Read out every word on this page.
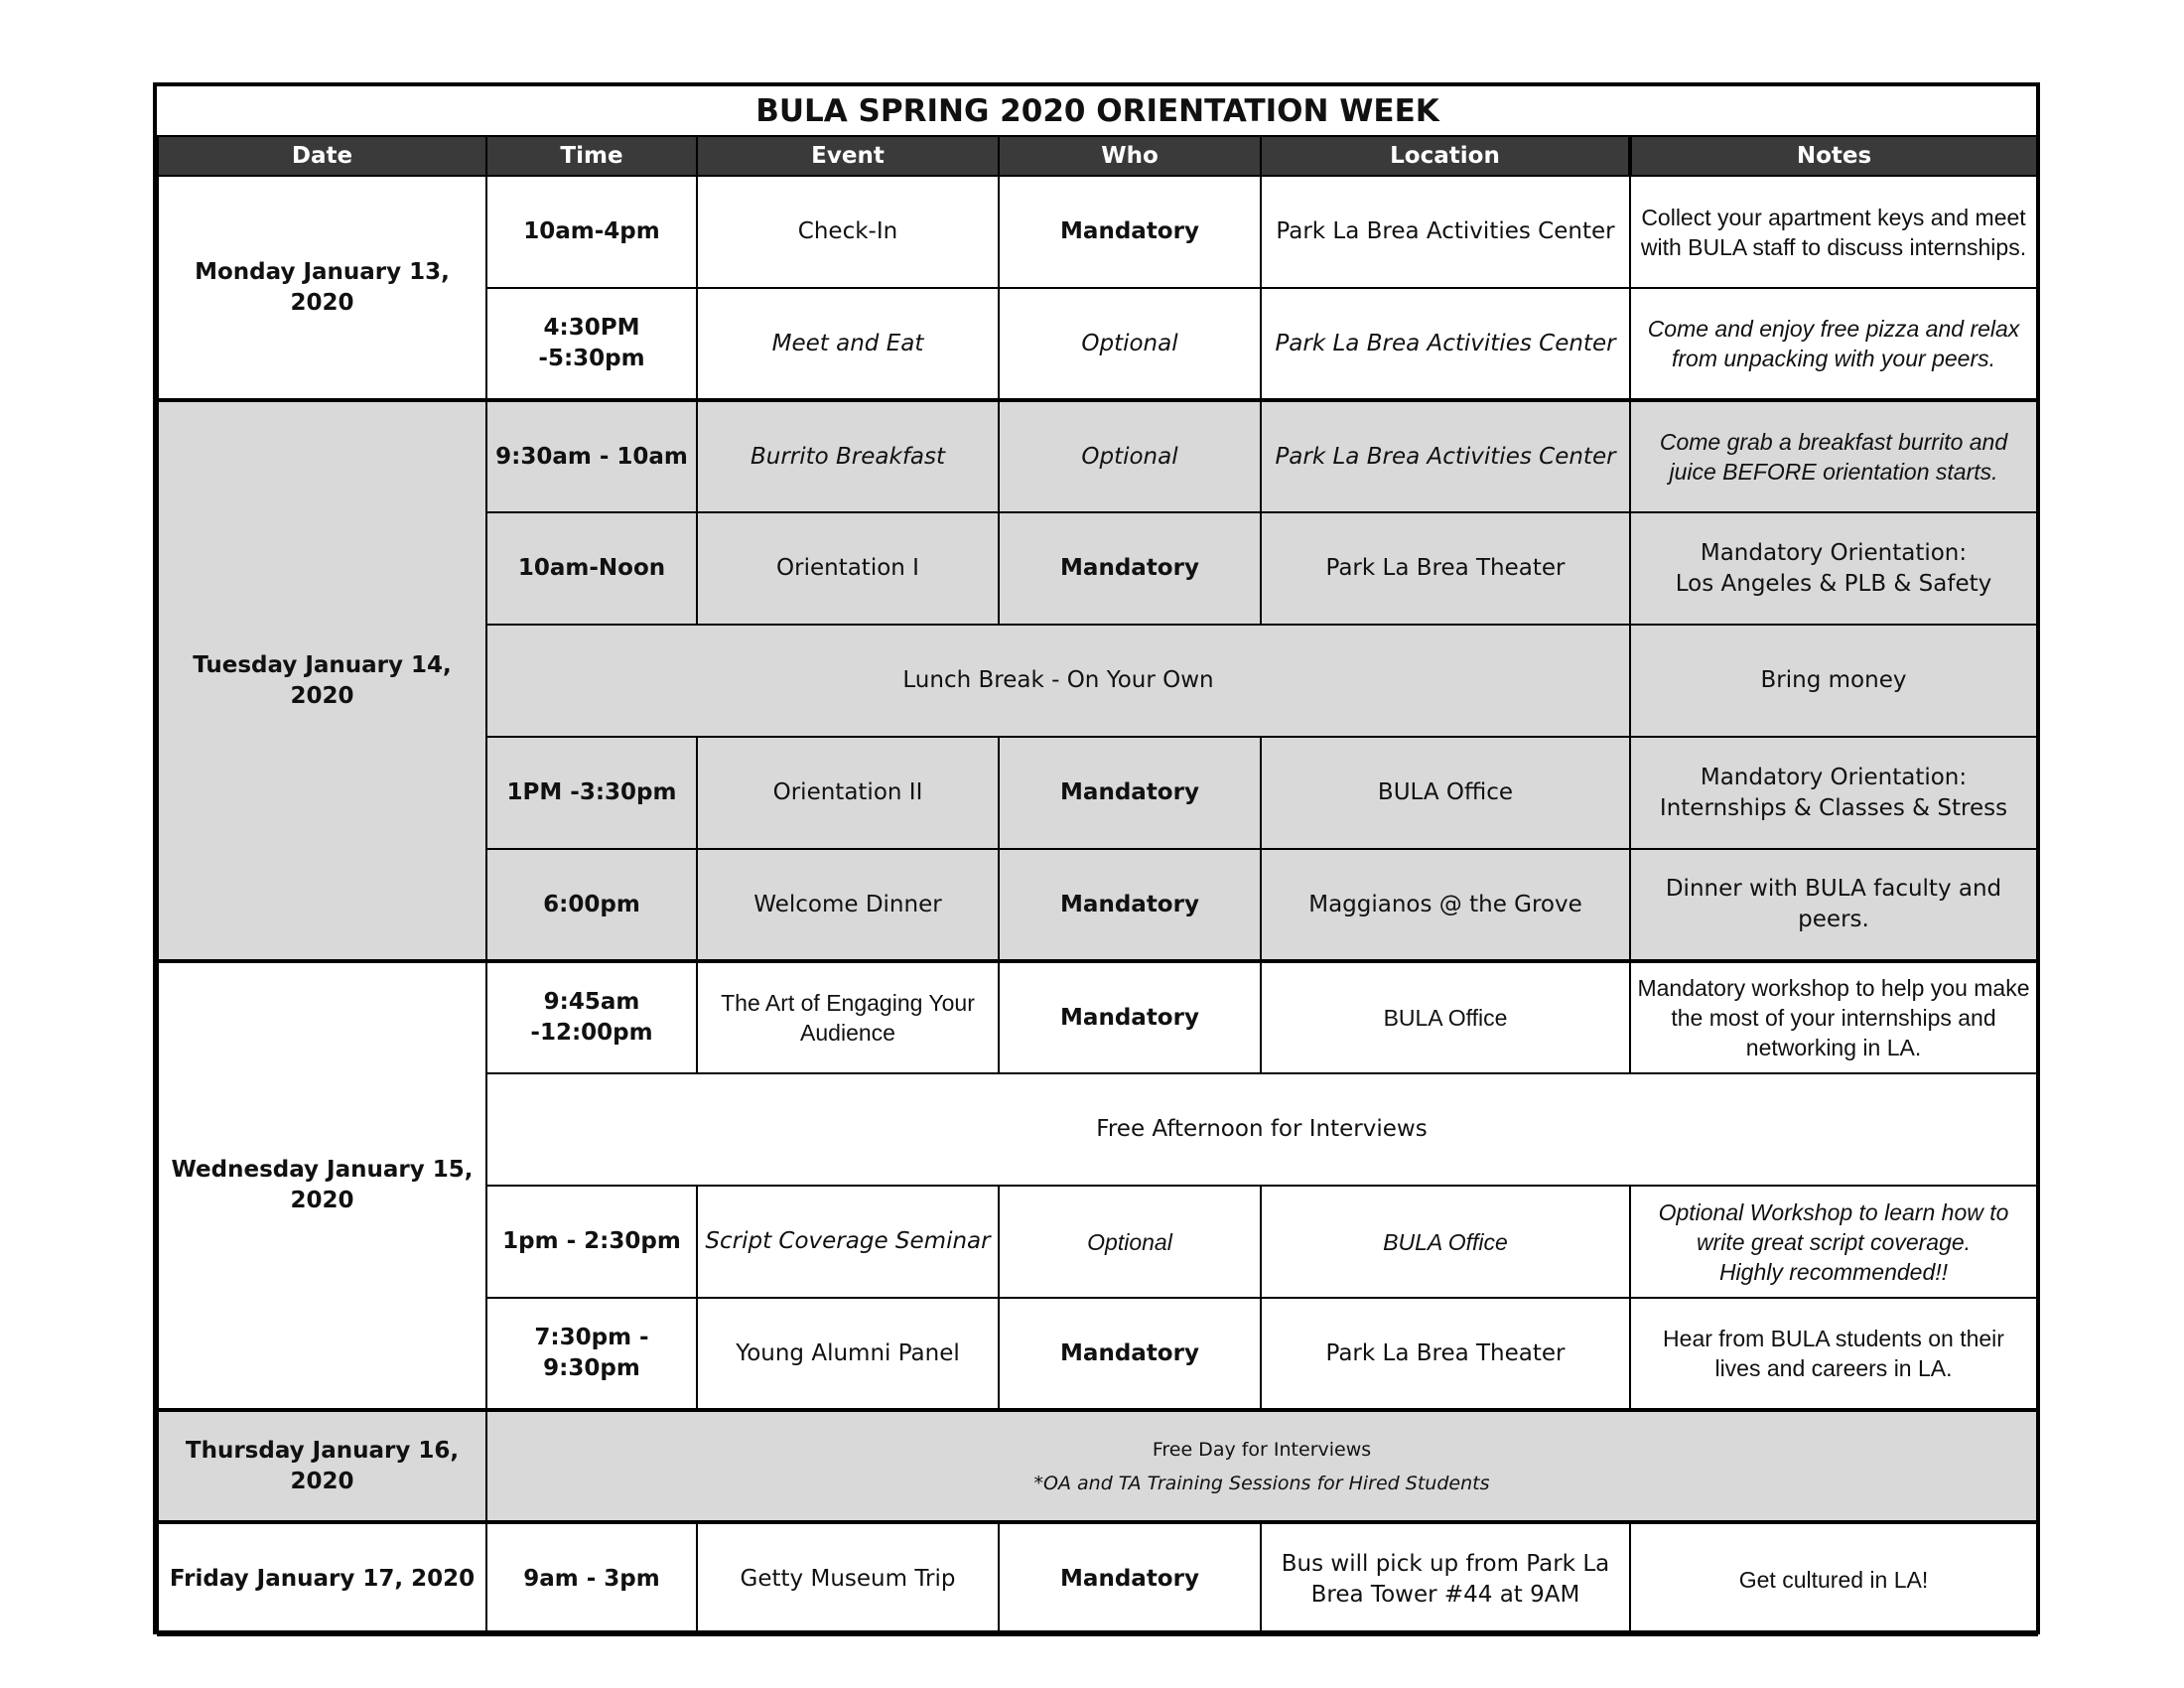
BULA SPRING 2020 ORIENTATION WEEK					
Date	Time	Event	Who	Location	Notes
Monday January 13, 2020	10am-4pm	Check-In	Mandatory	Park La Brea Activities Center	Collect your apartment keys and meet with BULA staff to discuss internships.
	4:30PM -5:30pm	Meet and Eat	Optional	Park La Brea Activities Center	Come and enjoy free pizza and relax from unpacking with your peers.
Tuesday January 14, 2020	9:30am - 10am	Burrito Breakfast	Optional	Park La Brea Activities Center	Come grab a breakfast burrito and juice BEFORE orientation starts.
	10am-Noon	Orientation I	Mandatory	Park La Brea Theater	Mandatory Orientation:
Los Angeles & PLB & Safety

	Lunch Break - On Your Own				Bring money
	1PM -3:30pm	Orientation II	Mandatory	BULA Office	Mandatory Orientation:
Internships & Classes & Stress

	6:00pm	Welcome Dinner	Mandatory	Maggianos @ the Grove	Dinner with BULA faculty and peers.
Wednesday January 15, 2020	9:45am -12:00pm	The Art of Engaging Your Audience	Mandatory	BULA Office	Mandatory workshop to help you make the most of your internships and networking in LA.
	Free Afternoon for Interviews				
	1pm - 2:30pm	Script Coverage Seminar	Optional	BULA Office	Optional Workshop to learn how to write great script coverage.
Highly recommended!!

	7:30pm - 9:30pm	Young Alumni Panel	Mandatory	Park La Brea Theater	Hear from BULA students on their lives and careers in LA.
Thursday January 16, 2020	Free Day for Interviews
*OA and TA Training Sessions for Hired Students				

Friday January 17, 2020	9am - 3pm	Getty Museum Trip	Mandatory	Bus will pick up from Park La Brea Tower #44 at 9AM	Get cultured in LA!
